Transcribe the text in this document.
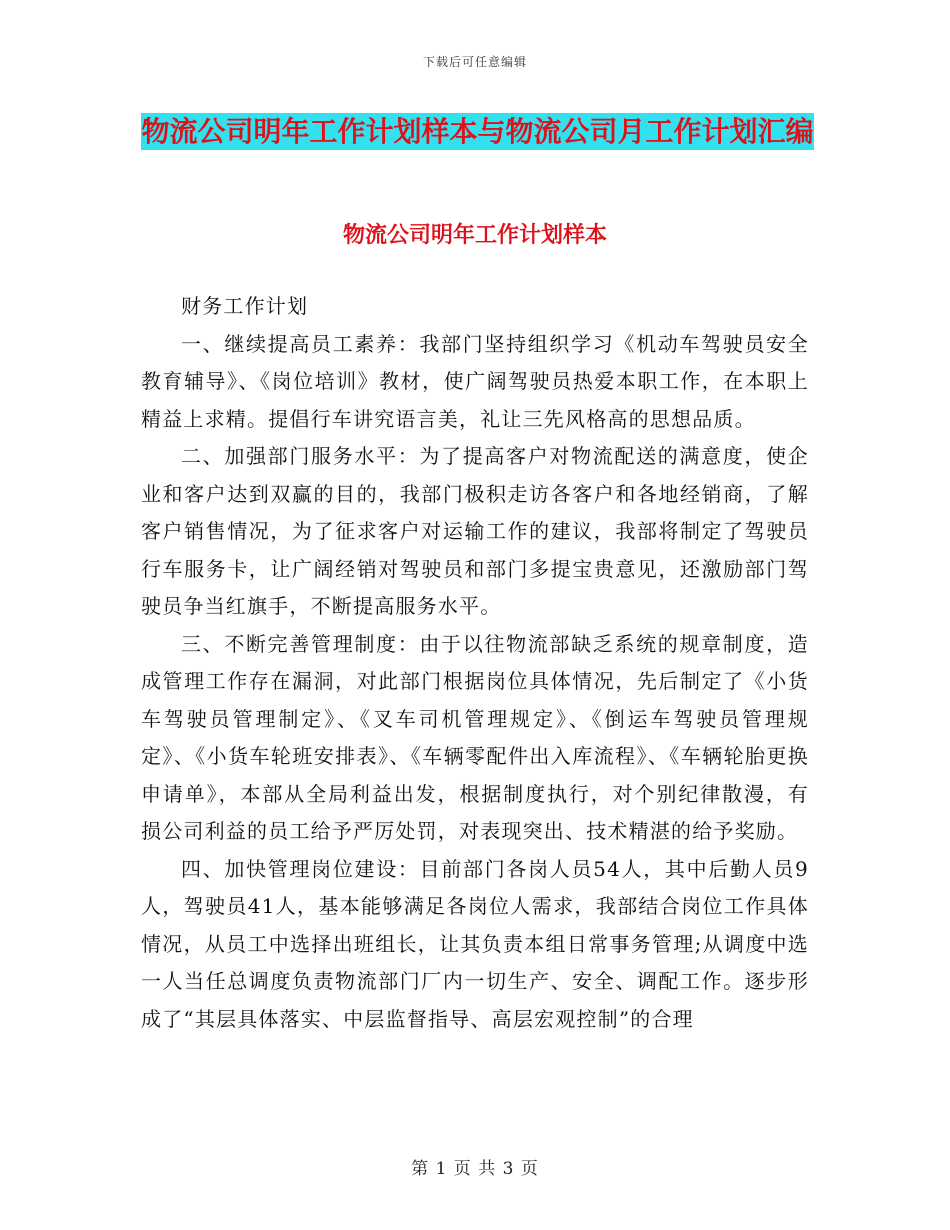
下载后可任意编辑
物流公司明年工作计划样本与物流公司月工作计划汇编
物流公司明年工作计划样本

财务工作计划

一、继续提高员工素养：我部门坚持组织学习《机动车驾驶员安全教育辅导》、《岗位培训》教材，使广阔驾驶员热爱本职工作，在本职上精益上求精。提倡行车讲究语言美，礼让三先风格高的思想品质。

二、加强部门服务水平：为了提高客户对物流配送的满意度，使企业和客户达到双赢的目的，我部门极积走访各客户和各地经销商，了解客户销售情况，为了征求客户对运输工作的建议，我部将制定了驾驶员行车服务卡，让广阔经销对驾驶员和部门多提宝贵意见，还激励部门驾驶员争当红旗手，不断提高服务水平。

三、不断完善管理制度：由于以往物流部缺乏系统的规章制度，造成管理工作存在漏洞，对此部门根据岗位具体情况，先后制定了《小货车驾驶员管理制定》、《叉车司机管理规定》、《倒运车驾驶员管理规定》、《小货车轮班安排表》、《车辆零配件出入库流程》、《车辆轮胎更换申请单》，本部从全局利益出发，根据制度执行，对个别纪律散漫，有损公司利益的员工给予严厉处罚，对表现突出、技术精湛的给予奖励。

四、加快管理岗位建设：目前部门各岗人员54人，其中后勤人员9人，驾驶员41人，基本能够满足各岗位人需求，我部结合岗位工作具体情况，从员工中选择出班组长，让其负责本组日常事务管理;从调度中选一人当任总调度负责物流部门厂内一切生产、安全、调配工作。逐步形成了“其层具体落实、中层监督指导、高层宏观控制”的合理

第 1 页 共 3 页
